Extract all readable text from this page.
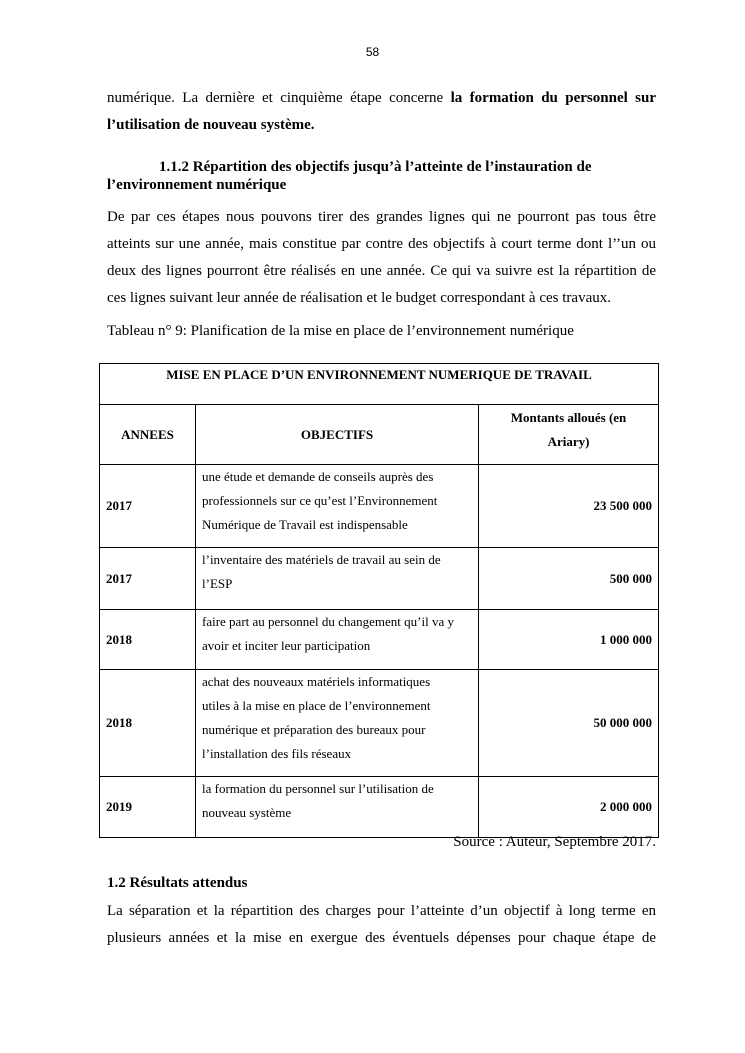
58

numérique. La dernière et cinquième étape concerne la formation du personnel sur

l’utilisation de nouveau système.

1.1.2 Répartition des objectifs jusqu’à l’atteinte de l’instauration de
l’environnement numérique

De par ces étapes nous pouvons tirer des grandes lignes qui ne pourront pas tous être

atteints sur une année, mais constitue par contre des objectifs à court terme dont l’’un ou

deux des lignes pourront être réalisés en une année. Ce qui va suivre est la répartition de

ces lignes suivant leur année de réalisation et le budget correspondant à ces travaux.

Tableau n° 9: Planification de la mise en place de l’environnement numérique

MISE EN PLACE D’UN ENVIRONNEMENT NUMERIQUE DE TRAVAIL		
ANNEES	OBJECTIFS	Montants alloués (en
Ariary)
2017	une étude et demande de conseils auprès des
professionnels sur ce qu’est l’Environnement
Numérique de Travail est indispensable	23 500 000
2017	l’inventaire des matériels de travail au sein de
l’ESP	500 000
2018	faire part au personnel du changement qu’il va y
avoir et inciter leur participation	1 000 000
2018	achat des nouveaux matériels informatiques
utiles à la mise en place de l’environnement
numérique et préparation des bureaux pour
l’installation des fils réseaux	50 000 000
2019	la formation du personnel sur l’utilisation de
nouveau système	2 000 000

Source : Auteur, Septembre 2017.

1.2 Résultats attendus

La séparation et la répartition des charges pour l’atteinte d’un objectif à long terme en

plusieurs années et la mise en exergue des éventuels dépenses pour chaque étape de
